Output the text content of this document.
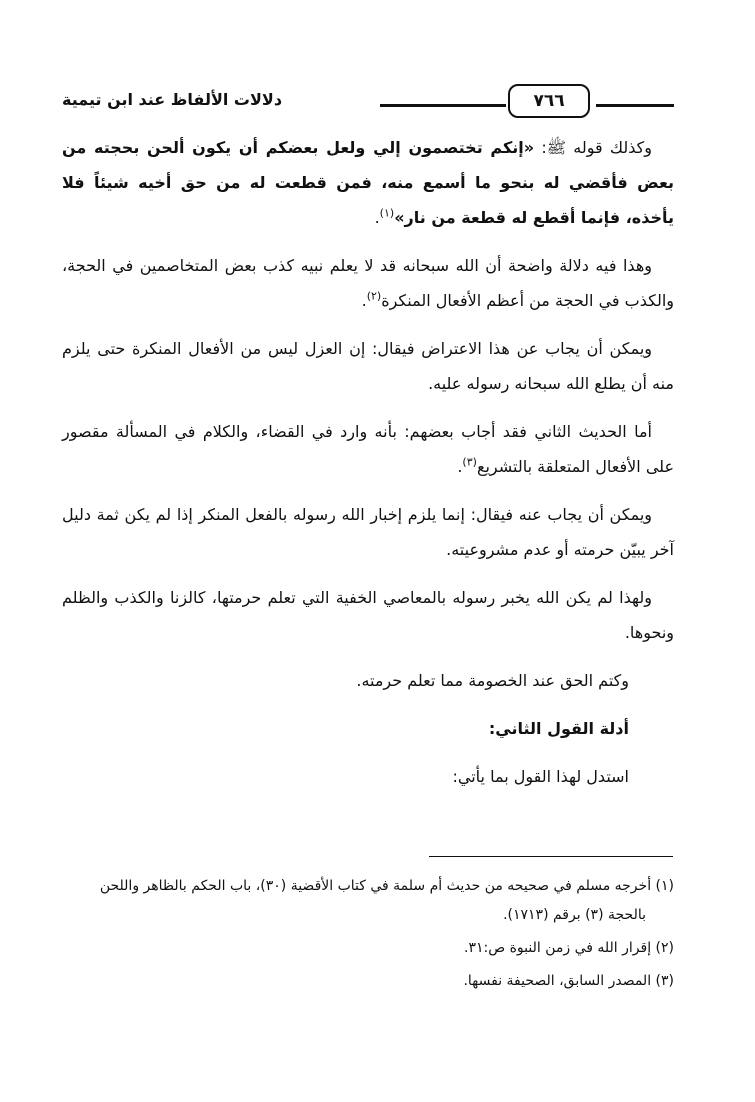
٧٦٦
دلالات الألفاظ عند ابن تيمية

وكذلك قوله ﷺ: «إنكم تختصمون إلي ولعل بعضكم أن يكون ألحن بحجته من بعض فأقضي له بنحو ما أسمع منه، فمن قطعت له من حق أخيه شيئاً فلا يأخذه، فإنما أقطع له قطعة من نار»$^{(١)}$.

وهذا فيه دلالة واضحة أن الله سبحانه قد لا يعلم نبيه كذب بعض المتخاصمين في الحجة، والكذب في الحجة من أعظم الأفعال المنكرة$^{(٢)}$.

ويمكن أن يجاب عن هذا الاعتراض فيقال: إن العزل ليس من الأفعال المنكرة حتى يلزم منه أن يطلع الله سبحانه رسوله عليه.

أما الحديث الثاني فقد أجاب بعضهم: بأنه وارد في القضاء، والكلام في المسألة مقصور على الأفعال المتعلقة بالتشريع$^{(٣)}$.

ويمكن أن يجاب عنه فيقال: إنما يلزم إخبار الله رسوله بالفعل المنكر إذا لم يكن ثمة دليل آخر يبيّن حرمته أو عدم مشروعيته.

ولهذا لم يكن الله يخبر رسوله بالمعاصي الخفية التي تعلم حرمتها، كالزنا والكذب والظلم ونحوها.

وكتم الحق عند الخصومة مما تعلم حرمته.

أدلة القول الثاني:

استدل لهذا القول بما يأتي:

(١) أخرجه مسلم في صحيحه من حديث أم سلمة في كتاب الأقضية (٣٠)، باب الحكم بالظاهر واللحن
بالحجة (٣) برقم (١٧١٣).

(٢) إقرار الله في زمن النبوة ص:٣١.

(٣) المصدر السابق، الصحيفة نفسها.
